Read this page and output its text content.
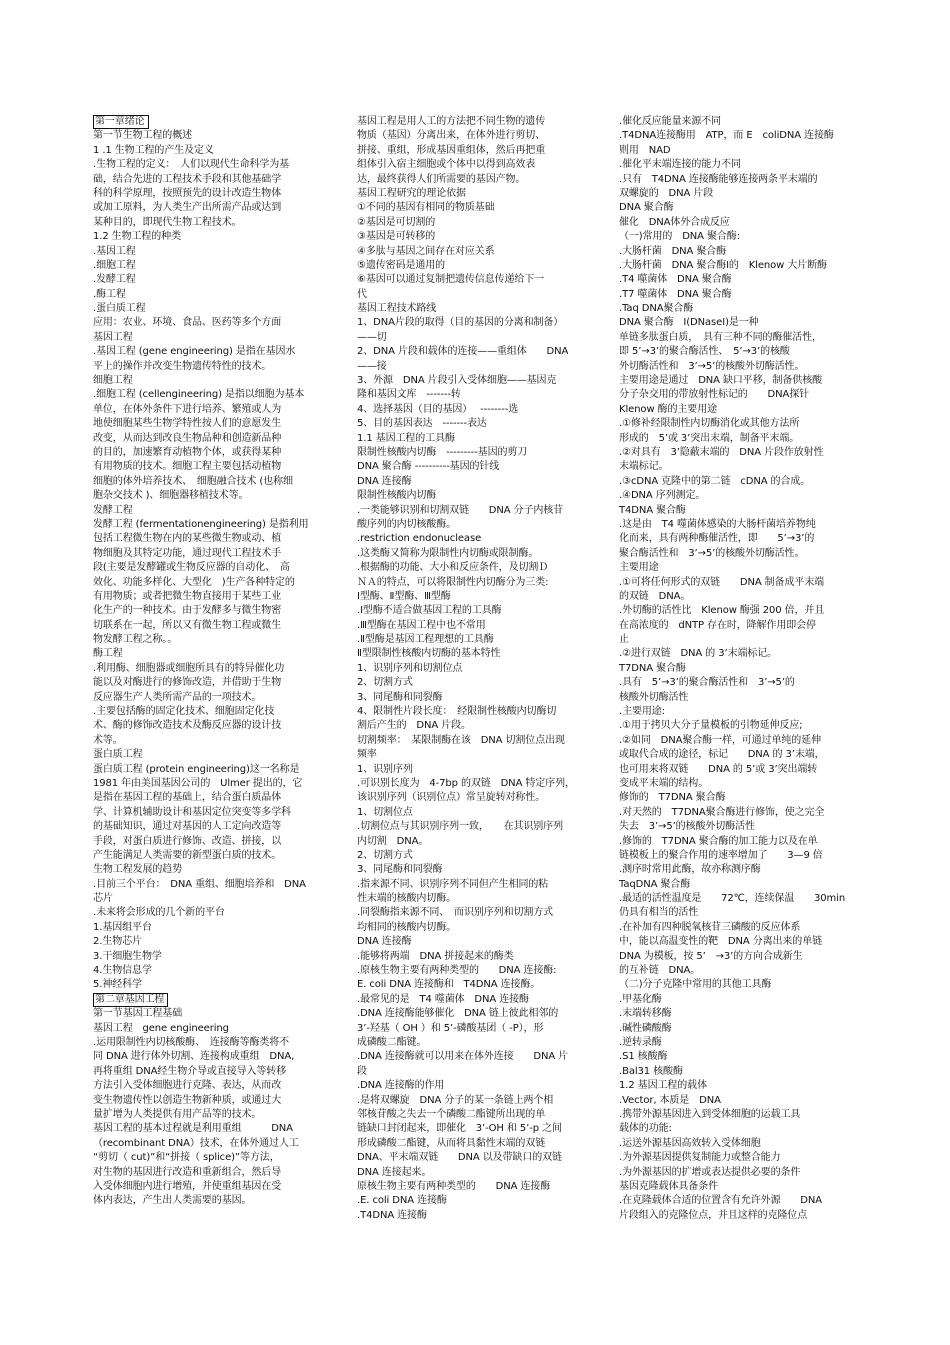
第一章绪论
第一节生物工程的概述
1 .1 生物工程的产生及定义
.生物工程的定义：　人们以现代生命科学为基
础，结合先进的工程技术手段和其他基础学
科的科学原理，按照预先的设计改造生物体
或加工原料，为人类生产出所需产品或达到
某种目的，即现代生物工程技术。
1.2 生物工程的种类
.基因工程
.细胞工程
.发酵工程
.酶工程
.蛋白质工程
应用：农业、环境、食品、医药等多个方面
基因工程
.基因工程 (gene engineering) 是指在基因水
平上的操作并改变生物遗传特性的技术。
细胞工程
.细胞工程 (cellengineering) 是指以细胞为基本
单位，在体外条件下进行培养、繁殖或人为
地使细胞某些生物学特性按人们的意愿发生
改变，从而达到改良生物品种和创造新品种
的目的，加速繁育动植物个体，或获得某种
有用物质的技术。细胞工程主要包括动植物
细胞的体外培养技术、　细胞融合技术 (也称细
胞杂交技术 )、细胞器移植技术等。
发酵工程
发酵工程 (fermentationengineering) 是指利用
包括工程微生物在内的某些微生物或动、植
物细胞及其特定功能，通过现代工程技术手
段(主要是发酵罐或生物反应器的自动化、　高
效化、功能多样化、大型化　)生产各种特定的
有用物质；或者把微生物直接用于某些工业
化生产的一种技术。由于发酵多与微生物密
切联系在一起，所以又有微生物工程或微生
物发酵工程之称。。
酶工程
.利用酶、细胞器或细胞所具有的特异催化功
能以及对酶进行的修饰改造，并借助于生物
反应器生产人类所需产品的一项技术。
.主要包括酶的固定化技术、细胞固定化技
术、酶的修饰改造技术及酶反应器的设计技
术等。
蛋白质工程
蛋白质工程 (protein engineering)这一名称是
1981 年由美国基因公司的　Ulmer 提出的，它
是指在基因工程的基础上，结合蛋白质晶体
学、计算机辅助设计和基因定位突变等多学科
的基础知识，通过对基因的人工定向改造等
手段，对蛋白质进行修饰、改造、拼接，以
产生能满足人类需要的新型蛋白质的技术。
生物工程发展的趋势
.目前三个平台：　DNA 重组、细胞培养和　DNA
芯片
.未来将会形成的几个新的平台
1.基因组平台
2.生物芯片
3.干细胞生物学
4.生物信息学
5.神经科学
第二章基因工程
第一节基因工程基础
基因工程　gene engineering
.运用限制性内切核酸酶、　连接酶等酶类将不
同 DNA 进行体外切割、连接构成重组　DNA,
再将重组 DNA经生物介导或直接导入等转移
方法引入受体细胞进行克隆、表达，从而改
变生物遗传性以创造生物新种质，或通过大
量扩增为人类提供有用产品等的技术。
基因工程的基本过程就是利用重组　　　DNA
（recombinant DNA）技术，在体外通过人工
“剪切（ cut)”和“拼接（ splice)”等方法，
对生物的基因进行改造和重新组合，然后导
入受体细胞内进行增殖，并使重组基因在受
体内表达，产生出人类需要的基因。
基因工程是用人工的方法把不同生物的遗传
物质（基因）分离出来，在体外进行剪切、
拼接、重组，形成基因重组体，然后再把重
组体引入宿主细胞或个体中以得到高效表
达，最终获得人们所需要的基因产物。
基因工程研究的理论依据
①不同的基因有相同的物质基础
②基因是可切割的
③基因是可转移的
④多肽与基因之间存在对应关系
⑤遗传密码是通用的
⑥基因可以通过复制把遗传信息传递给下一
代
基因工程技术路线
1、DNA片段的取得（目的基因的分离和制备）
——切
2、DNA 片段和载体的连接——重组体　　DNA
——接
3、外源　DNA 片段引入受体细胞——基因克
隆和基因文库　-------转
4、选择基因（目的基因）　 --------选
5、目的基因表达　-------表达
1.1 基因工程的工具酶
限制性核酸内切酶　---------基因的剪刀
DNA 聚合酶 ----------基因的针线
DNA 连接酶
限制性核酸内切酶
.一类能够识别和切割双链　　DNA 分子内核苷
酸序列的内切核酸酶。
.restriction endonuclease
.这类酶又简称为限制性内切酶或限制酶。
.根据酶的功能、大小和反应条件，及切割Ｄ
ＮＡ的特点，可以将限制性内切酶分为三类:
Ⅰ型酶、Ⅱ型酶、Ⅲ型酶
.Ⅰ型酶不适合做基因工程的工具酶
.Ⅲ型酶在基因工程中也不常用
.Ⅱ型酶是基因工程理想的工具酶
Ⅱ型限制性核酸内切酶的基本特性
1、识别序列和切割位点
2、切割方式
3、同尾酶和同裂酶
4、限制性片段长度：　经限制性核酸内切酶切
割后产生的　DNA 片段。
切割频率：　某限制酶在该　DNA 切割位点出现
频率
1、识别序列
.可识别长度为　4-7bp 的双链　DNA 特定序列，
该识别序列（识别位点）常呈旋转对称性。
1、切割位点
.切割位点与其识别序列一致，　　在其识别序列
内切割　DNA。
2、切割方式
3、同尾酶和同裂酶
.指来源不同、识别序列不同但产生相同的粘
性末端的核酸内切酶。
.同裂酶指来源不同、　而识别序列和切割方式
均相同的核酸内切酶。
DNA 连接酶
.能够将两端　DNA 拼接起来的酶类
.原核生物主要有两种类型的　　DNA 连接酶:
E. coli DNA 连接酶和　T4DNA 连接酶。
.最常见的是　T4 噬菌体　DNA 连接酶
.DNA 连接酶能够催化　DNA 链上彼此相邻的
3’-羟基（ OH ）和 5’-磷酸基团（ -P），形
成磷酸二酯键。
.DNA 连接酶就可以用来在体外连接　　DNA 片
段
.DNA 连接酶的作用
.是将双螺旋　DNA 分子的某一条链上两个相
邻核苷酸之失去一个磷酸二酯键所出现的单
链缺口封闭起来，即催化　3’-OH 和 5’-p 之间
形成磷酸二酯键，从而将具黏性末端的双链
DNA、平末端双链　　DNA 以及带缺口的双链
DNA 连接起来。
原核生物主要有两种类型的　　DNA 连接酶
.E. coli DNA 连接酶
.T4DNA 连接酶
.催化反应能量来源不同
.T4DNA连接酶用　ATP，而 E　coliDNA 连接酶
则用　NAD
.催化平末端连接的能力不同
.只有　T4DNA 连接酶能够连接两条平末端的
双螺旋的　DNA 片段
DNA 聚合酶
催化　DNA体外合成反应
（一)常用的　DNA 聚合酶:
.大肠杆菌　DNA 聚合酶
.大肠杆菌　DNA 聚合酶Ⅰ的　Klenow 大片断酶
.T4 噬菌体　DNA 聚合酶
.T7 噬菌体　DNA 聚合酶
.Taq DNA聚合酶
DNA 聚合酶　I(DNaseI)是一种
单链多肽蛋白质，　具有三种不同的酶催活性，
即 5’→3’的聚合酶活性、　5’→3’的核酸
外切酶活性和　3’→5’的核酸外切酶活性。
主要用途是通过　DNA 缺口平移，制备供核酸
分子杂交用的带放射性标记的　　DNA探针
Klenow 酶的主要用途
.①修补经限制性内切酶消化或其他方法所
形成的　5’或 3’突出末端，制备平末端。
.②对具有　3’隐蔽末端的　DNA 片段作放射性
末端标记。
.③cDNA 克隆中的第二链　cDNA 的合成。
.④DNA 序列测定。
T4DNA 聚合酶
.这是由　T4 噬菌体感染的大肠杆菌培养物纯
化而来，具有两种酶催活性，即　　5’→3’的
聚合酶活性和　3’→5’的核酸外切酶活性。
主要用途
.①可将任何形式的双链　　DNA 制备成平末端
的双链　DNA。
.外切酶的活性比　Klenow 酶强 200 倍，并且
在高浓度的　dNTP 存在时，降解作用即会停
止
.②进行双链　DNA 的 3’末端标记。
T7DNA 聚合酶
.具有　5’→3’的聚合酶活性和　3’→5’的
核酸外切酶活性
.主要用途:
.①用于拷贝大分子量模板的引物延伸反应;
.②如同　DNA聚合酶一样，可通过单纯的延伸
或取代合成的途径，标记　　DNA 的 3’末端，
也可用来将双链　　DNA 的 5’或 3’突出端转
变成平末端的结构。
修饰的　T7DNA 聚合酶
.对天然的　T7DNA聚合酶进行修饰，使之完全
失去　3’→5’的核酸外切酶活性
.修饰的　T7DNA 聚合酶的加工能力以及在单
链模板上的聚合作用的速率增加了　　3—9 倍
.测序时常用此酶，故亦称测序酶
TaqDNA 聚合酶
.最适的活性温度是　　72℃，连续保温　　30min
仍具有相当的活性
.在补加有四种脱氧核苷三磷酸的反应体系
中，能以高温变性的靶　DNA 分离出来的单链
DNA 为模板，按 5’　→3’的方向合成新生
的互补链　DNA。
（二)分子克隆中常用的其他工具酶
.甲基化酶
.末端转移酶
.碱性磷酸酶
.逆转录酶
.S1 核酸酶
.Bal31 核酸酶
1.2 基因工程的载体
.Vector, 本质是　DNA
.携带外源基因进入到受体细胞的运载工具
载体的功能:
.运送外源基因高效转入受体细胞
.为外源基因提供复制能力或整合能力
.为外源基因的扩增或表达提供必要的条件
基因克隆载体具备条件
.在克隆载体合适的位置含有允许外源　　DNA
片段组入的克隆位点，并且这样的克隆位点
